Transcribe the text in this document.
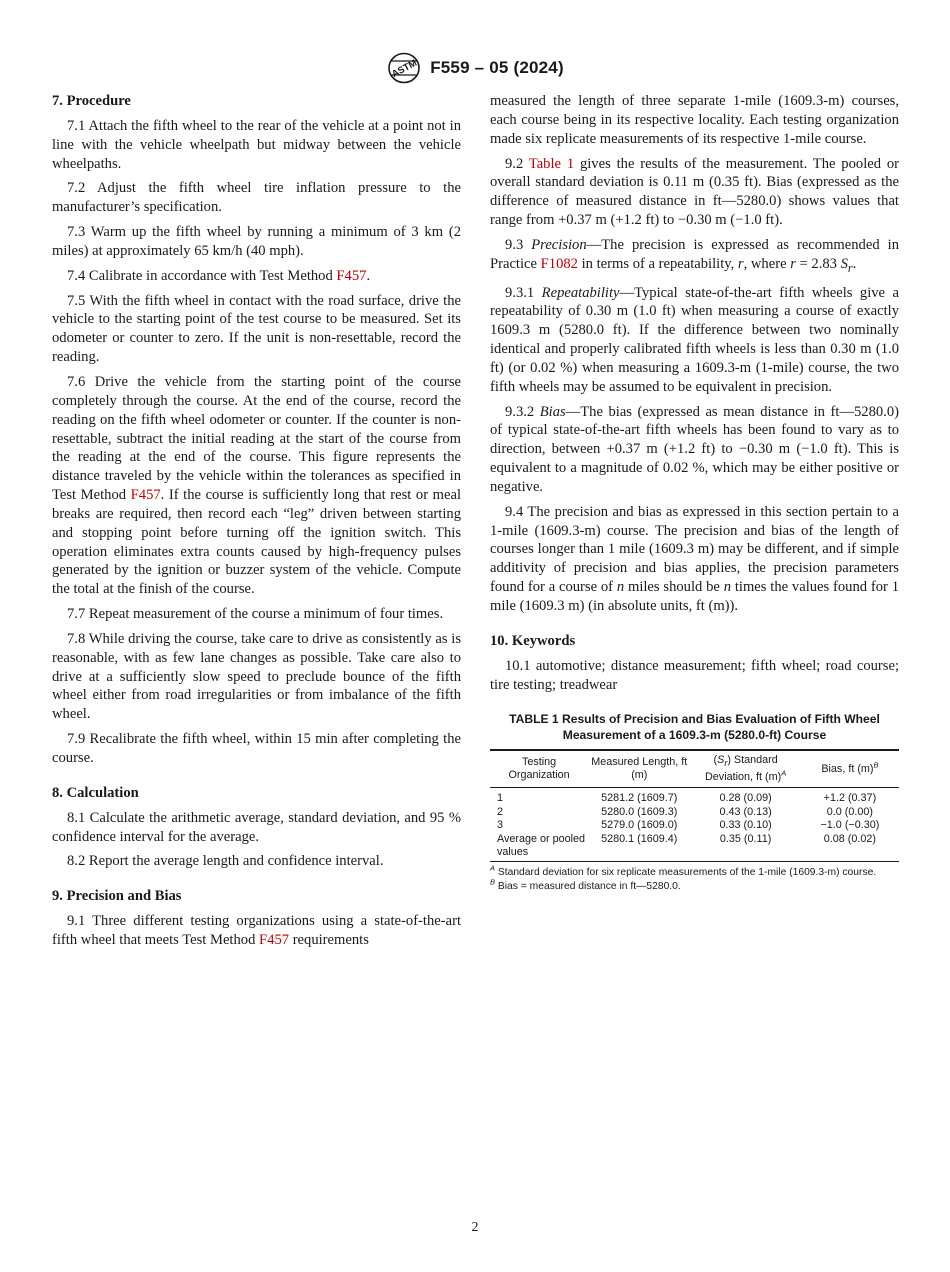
ASTM F559 – 05 (2024)
7. Procedure

7.1 Attach the fifth wheel to the rear of the vehicle at a point not in line with the vehicle wheelpath but midway between the vehicle wheelpaths.

7.2 Adjust the fifth wheel tire inflation pressure to the manufacturer’s specification.

7.3 Warm up the fifth wheel by running a minimum of 3 km (2 miles) at approximately 65 km/h (40 mph).

7.4 Calibrate in accordance with Test Method F457.

7.5 With the fifth wheel in contact with the road surface, drive the vehicle to the starting point of the test course to be measured. Set its odometer or counter to zero. If the unit is non-resettable, record the reading.

7.6 Drive the vehicle from the starting point of the course completely through the course. At the end of the course, record the reading on the fifth wheel odometer or counter. If the counter is non-resettable, subtract the initial reading at the start of the course from the reading at the end of the course. This figure represents the distance traveled by the vehicle within the tolerances as specified in Test Method F457. If the course is sufficiently long that rest or meal breaks are required, then record each “leg” driven between starting and stopping point before turning off the ignition switch. This operation eliminates extra counts caused by high-frequency pulses generated by the ignition or buzzer system of the vehicle. Compute the total at the finish of the course.

7.7 Repeat measurement of the course a minimum of four times.

7.8 While driving the course, take care to drive as consistently as is reasonable, with as few lane changes as possible. Take care also to drive at a sufficiently slow speed to preclude bounce of the fifth wheel either from road irregularities or from imbalance of the fifth wheel.

7.9 Recalibrate the fifth wheel, within 15 min after completing the course.

8. Calculation

8.1 Calculate the arithmetic average, standard deviation, and 95 % confidence interval for the average.

8.2 Report the average length and confidence interval.

9. Precision and Bias

9.1 Three different testing organizations using a state-of-the-art fifth wheel that meets Test Method F457 requirements

measured the length of three separate 1-mile (1609.3-m) courses, each course being in its respective locality. Each testing organization made six replicate measurements of its respective 1-mile course.

9.2 Table 1 gives the results of the measurement. The pooled or overall standard deviation is 0.11 m (0.35 ft). Bias (expressed as the difference of measured distance in ft—5280.0) shows values that range from +0.37 m (+1.2 ft) to −0.30 m (−1.0 ft).

9.3 Precision—The precision is expressed as recommended in Practice F1082 in terms of a repeatability, r, where r = 2.83 $S_r$.

9.3.1 Repeatability—Typical state-of-the-art fifth wheels give a repeatability of 0.30 m (1.0 ft) when measuring a course of exactly 1609.3 m (5280.0 ft). If the difference between two nominally identical and properly calibrated fifth wheels is less than 0.30 m (1.0 ft) (or 0.02 %) when measuring a 1609.3-m (1-mile) course, the two fifth wheels may be assumed to be equivalent in precision.

9.3.2 Bias—The bias (expressed as mean distance in ft—5280.0) of typical state-of-the-art fifth wheels has been found to vary as to direction, between +0.37 m (+1.2 ft) to −0.30 m (−1.0 ft). This is equivalent to a magnitude of 0.02 %, which may be either positive or negative.

9.4 The precision and bias as expressed in this section pertain to a 1-mile (1609.3-m) course. The precision and bias of the length of courses longer than 1 mile (1609.3 m) may be different, and if simple additivity of precision and bias applies, the precision parameters found for a course of n miles should be n times the values found for 1 mile (1609.3 m) (in absolute units, ft (m)).

10. Keywords

10.1 automotive; distance measurement; fifth wheel; road course; tire testing; treadwear

TABLE 1 Results of Precision and Bias Evaluation of Fifth Wheel Measurement of a 1609.3-m (5280.0-ft) Course
Testing Organization	Measured Length, ft (m)	$(S_r)$ Standard Deviation, ft (m)$^A$	Bias, ft (m)$^B$
1	5281.2 (1609.7)	0.28 (0.09)	+1.2 (0.37)
2	5280.0 (1609.3)	0.43 (0.13)	0.0 (0.00)
3	5279.0 (1609.0)	0.33 (0.10)	−1.0 (−0.30)
Average or pooled values	5280.1 (1609.4)	0.35 (0.11)	0.08 (0.02)

$^A$ Standard deviation for six replicate measurements of the 1-mile (1609.3-m) course.

$^B$ Bias = measured distance in ft—5280.0.

2
